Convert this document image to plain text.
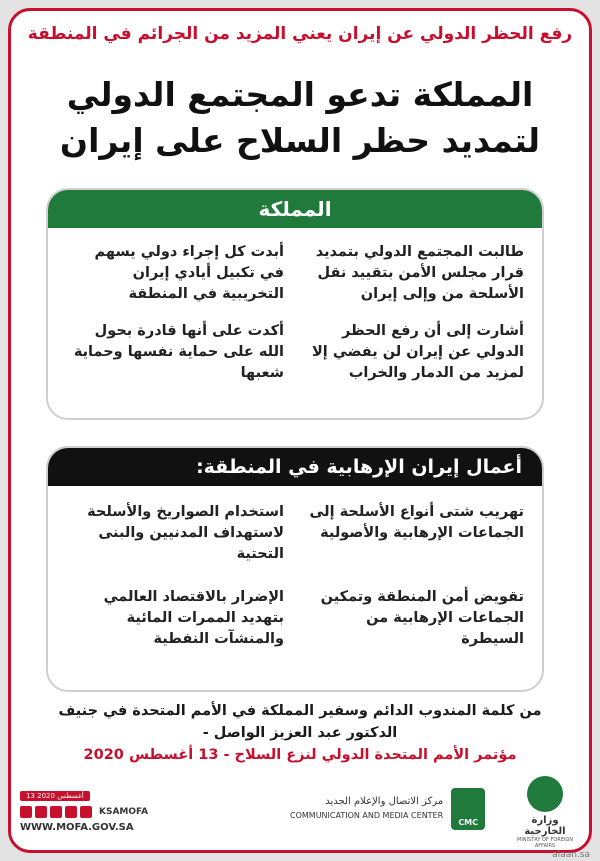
رفع الحظر الدولي عن إيران يعني المزيد من الجرائم في المنطقة
المملكة تدعو المجتمع الدولي
لتمديد حظر السلاح على إيران
المملكة
طالبت المجتمع الدولي بتمديد قرار مجلس الأمن بتقييد نقل الأسلحة من وإلى إيران
أبدت كل إجراء دولي يسهم في تكبيل أيادي إيران التخريبية في المنطقة
أشارت إلى أن رفع الحظر الدولي عن إيران لن يفضي إلا لمزيد من الدمار والخراب
أكدت على أنها قادرة بحول الله على حماية نفسها وحماية شعبها
أعمال إيران الإرهابية في المنطقة:
تهريب شتى أنواع الأسلحة إلى الجماعات الإرهابية والأصولية
استخدام الصواريخ والأسلحة لاستهداف المدنيين والبنى التحتية
تقويض أمن المنطقة وتمكين الجماعات الإرهابية من السيطرة
الإضرار بالاقتصاد العالمي بتهديد الممرات المائية والمنشآت النفطية
من كلمة المندوب الدائم وسفير المملكة في الأمم المتحدة في جنيف
الدكتور عبد العزيز الواصل -
مؤتمر الأمم المتحدة الدولي لنزع السلاح - 13 أغسطس 2020
13 أغسطس 2020
KSAMOFA
WWW.MOFA.GOV.SA
مركز الاتصال والإعلام الجديد
COMMUNICATION AND MEDIA CENTER
CMC	وزارة الخارجية
MINISTRY OF FOREIGN AFFAIRS
alaan.sa
